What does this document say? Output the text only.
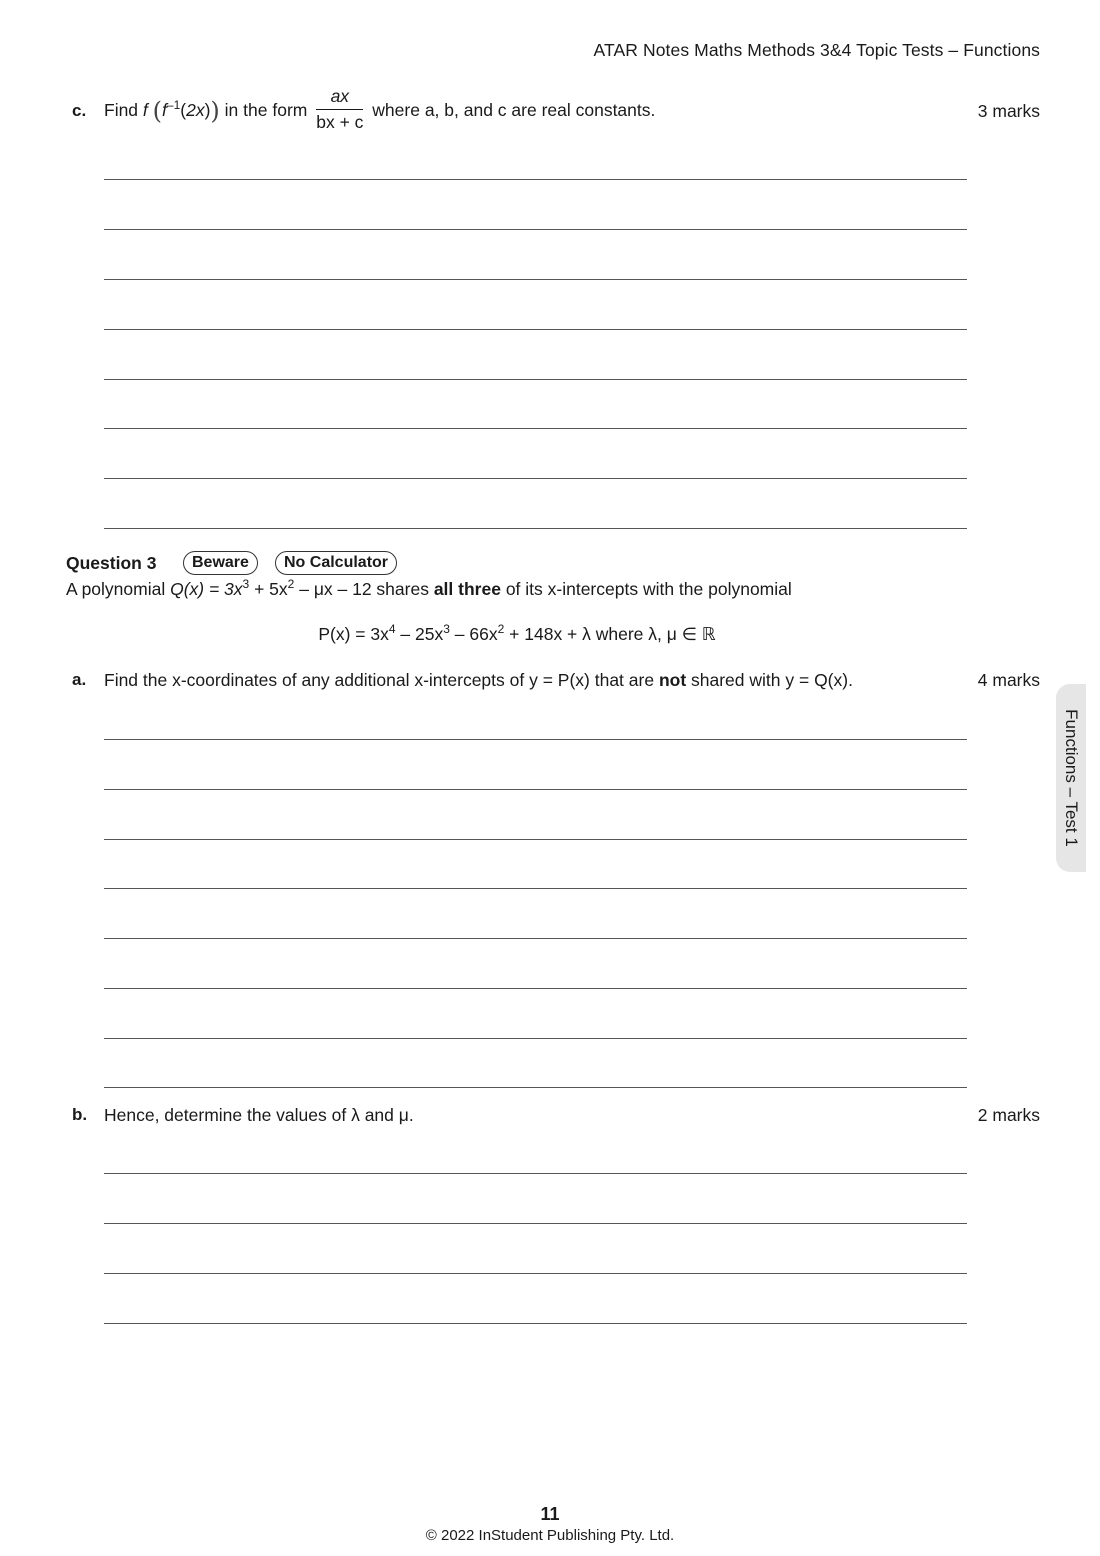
ATAR Notes Maths Methods 3&4 Topic Tests – Functions
c. Find f $(f^{-1}(2x))$ in the form $\frac{ax}{bx + c}$ where a, b, and c are real constants.	3 marks
Question 3	Beware	No Calculator
A polynomial $Q(x) = 3x^3 + 5x^2 - \mu x - 12$ shares all three of its x-intercepts with the polynomial
$P(x) = 3x^4 - 25x^3 - 66x^2 + 148x + \lambda$ where λ, μ ∈ ℝ
a. Find the x-coordinates of any additional x-intercepts of y = P(x) that are not shared with y = Q(x).	4 marks
b. Hence, determine the values of λ and μ.	2 marks
Functions – Test 1
11
© 2022 InStudent Publishing Pty. Ltd.
